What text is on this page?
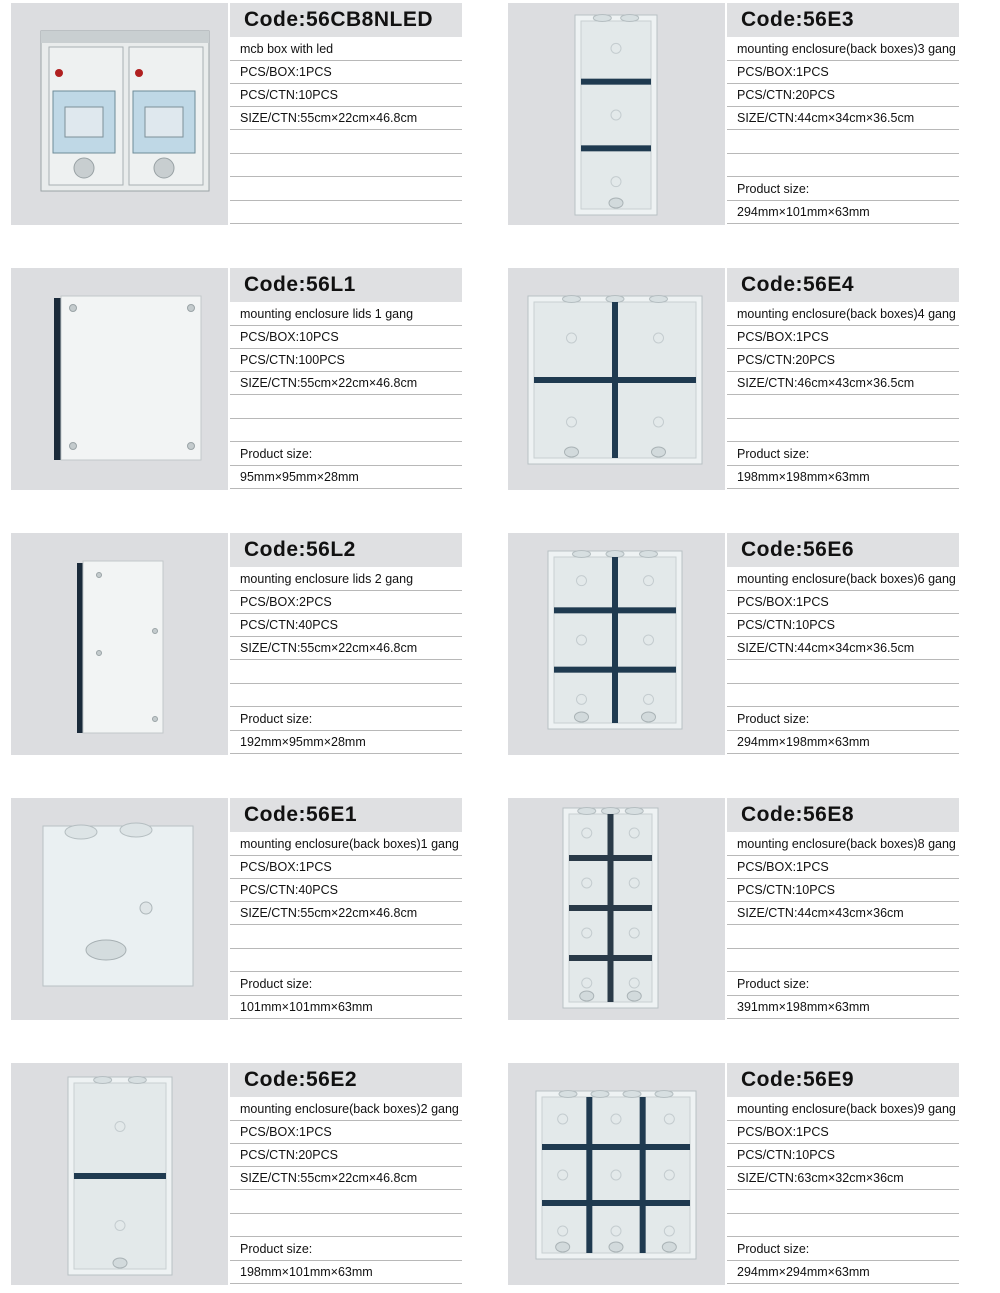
Code:56CB8NLED
mcb box with led
PCS/BOX:1PCS
PCS/CTN:10PCS
SIZE/CTN:55cm×22cm×46.8cm
Code:56E3
mounting enclosure(back boxes)3 gang
PCS/BOX:1PCS
PCS/CTN:20PCS
SIZE/CTN:44cm×34cm×36.5cm
Product size:
294mm×101mm×63mm
Code:56L1
mounting enclosure lids 1 gang
PCS/BOX:10PCS
PCS/CTN:100PCS
SIZE/CTN:55cm×22cm×46.8cm
Product size:
95mm×95mm×28mm
Code:56E4
mounting enclosure(back boxes)4 gang
PCS/BOX:1PCS
PCS/CTN:20PCS
SIZE/CTN:46cm×43cm×36.5cm
Product size:
198mm×198mm×63mm
Code:56L2
mounting enclosure lids 2 gang
PCS/BOX:2PCS
PCS/CTN:40PCS
SIZE/CTN:55cm×22cm×46.8cm
Product size:
192mm×95mm×28mm
Code:56E6
mounting enclosure(back boxes)6 gang
PCS/BOX:1PCS
PCS/CTN:10PCS
SIZE/CTN:44cm×34cm×36.5cm
Product size:
294mm×198mm×63mm
Code:56E1
mounting enclosure(back boxes)1 gang
PCS/BOX:1PCS
PCS/CTN:40PCS
SIZE/CTN:55cm×22cm×46.8cm
Product size:
101mm×101mm×63mm
Code:56E8
mounting enclosure(back boxes)8 gang
PCS/BOX:1PCS
PCS/CTN:10PCS
SIZE/CTN:44cm×43cm×36cm
Product size:
391mm×198mm×63mm
Code:56E2
mounting enclosure(back boxes)2 gang
PCS/BOX:1PCS
PCS/CTN:20PCS
SIZE/CTN:55cm×22cm×46.8cm
Product size:
198mm×101mm×63mm
Code:56E9
mounting enclosure(back boxes)9 gang
PCS/BOX:1PCS
PCS/CTN:10PCS
SIZE/CTN:63cm×32cm×36cm
Product size:
294mm×294mm×63mm
